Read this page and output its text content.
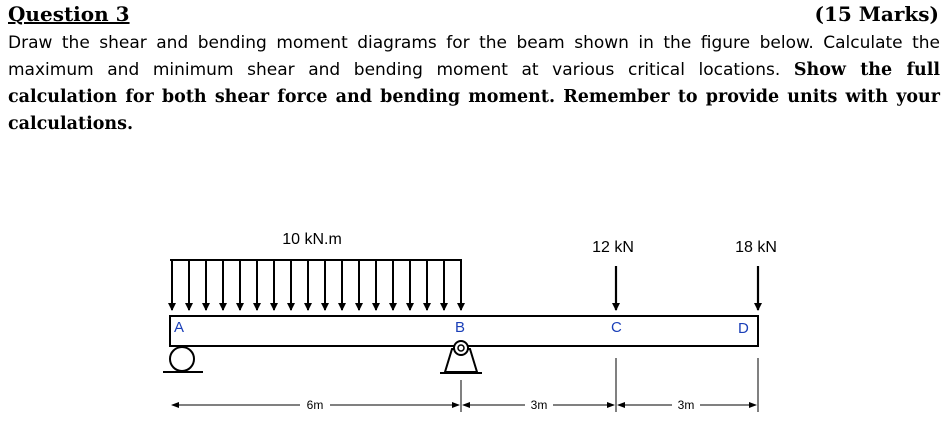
Question 3	(15 Marks)
Draw the shear and bending moment diagrams for the beam shown in the figure below. Calculate the maximum and minimum shear and bending moment at various critical locations. Show the full calculation for both shear force and bending moment. Remember to provide units with your calculations.
10 kN.m	12 kN	18 kN
A	B	C	D
6m	3m	3m
